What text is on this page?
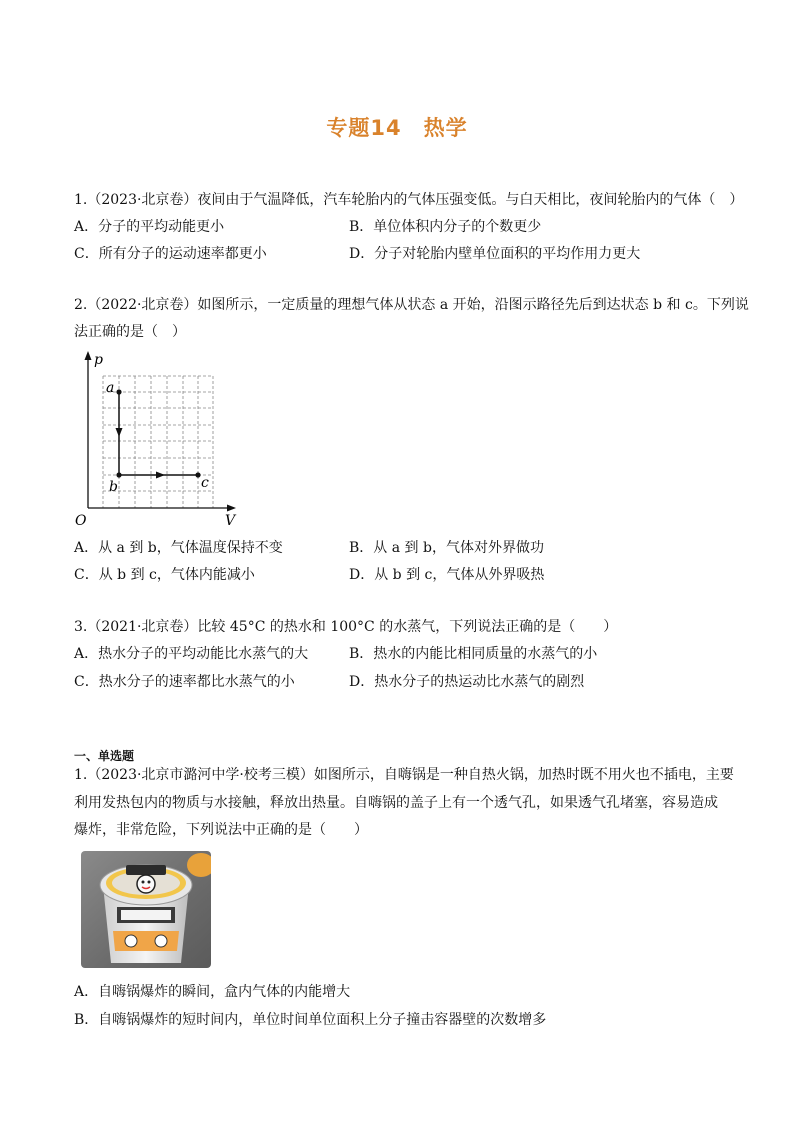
专题14　热学
1.（2023·北京卷）夜间由于气温降低，汽车轮胎内的气体压强变低。与白天相比，夜间轮胎内的气体（　）
A．分子的平均动能更小	B．单位体积内分子的个数更少
C．所有分子的运动速率都更小	D．分子对轮胎内壁单位面积的平均作用力更大
2.（2022·北京卷）如图所示，一定质量的理想气体从状态 a 开始，沿图示路径先后到达状态 b 和 c。下列说
法正确的是（　）
p
V
O
a
b	c
A．从 a 到 b，气体温度保持不变	B．从 a 到 b，气体对外界做功
C．从 b 到 c，气体内能减小	D．从 b 到 c，气体从外界吸热
3.（2021·北京卷）比较 45°C 的热水和 100°C 的水蒸气，下列说法正确的是（　　）
A．热水分子的平均动能比水蒸气的大	B．热水的内能比相同质量的水蒸气的小
C．热水分子的速率都比水蒸气的小	D．热水分子的热运动比水蒸气的剧烈
一、单选题
1.（2023·北京市潞河中学·校考三模）如图所示，自嗨锅是一种自热火锅，加热时既不用火也不插电，主要
利用发热包内的物质与水接触，释放出热量。自嗨锅的盖子上有一个透气孔，如果透气孔堵塞，容易造成
爆炸，非常危险，下列说法中正确的是（　　）
A．自嗨锅爆炸的瞬间，盒内气体的内能增大
B．自嗨锅爆炸的短时间内，单位时间单位面积上分子撞击容器壁的次数增多
